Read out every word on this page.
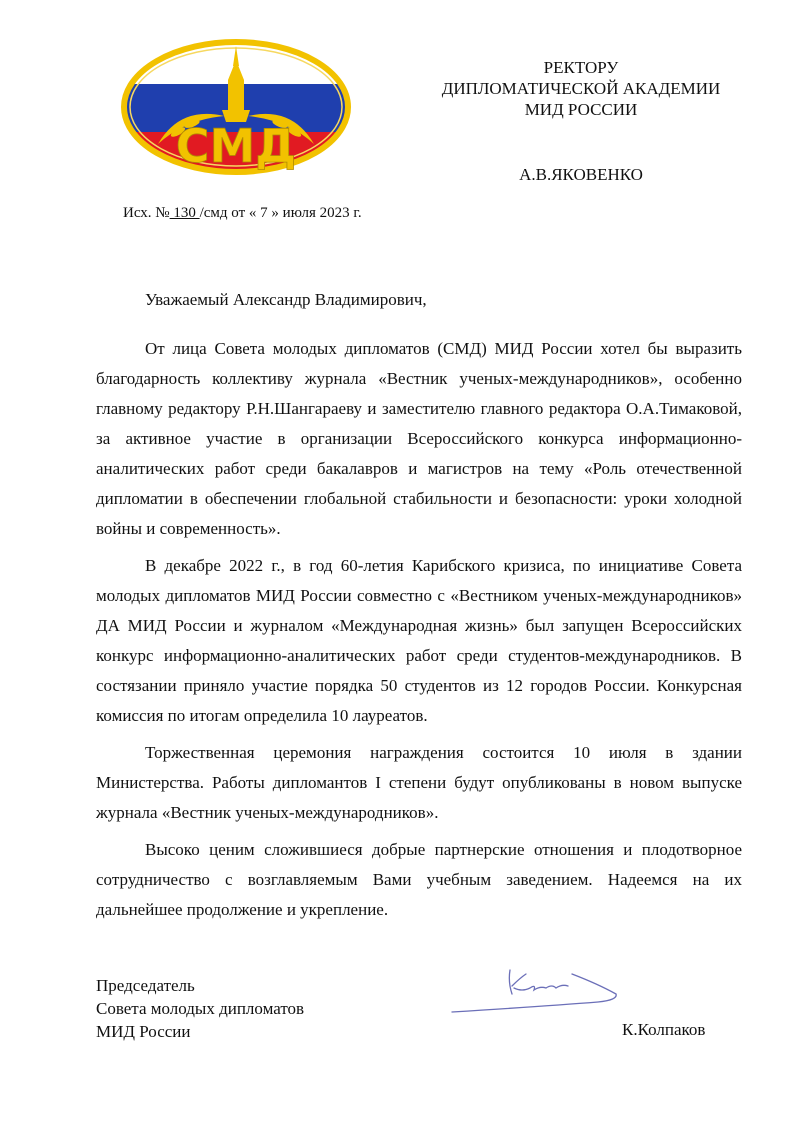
СМД
РЕКТОРУ
ДИПЛОМАТИЧЕСКОЙ АКАДЕМИИ
МИД РОССИИ
А.В.ЯКОВЕНКО
Исх. № 130 /смд от « 7 » июля 2023 г.
Уважаемый Александр Владимирович,

От лица Совета молодых дипломатов (СМД) МИД России хотел бы выразить благодарность коллективу журнала «Вестник ученых-международников», особенно главному редактору Р.Н.Шангараеву и заместителю главного редактора О.А.Тимаковой, за активное участие в организации Всероссийского конкурса информационно-аналитических работ среди бакалавров и магистров на тему «Роль отечественной дипломатии в обеспечении глобальной стабильности и безопасности: уроки холодной войны и современность».

В декабре 2022 г., в год 60-летия Карибского кризиса, по инициативе Совета молодых дипломатов МИД России совместно с «Вестником ученых-международников» ДА МИД России и журналом «Международная жизнь» был запущен Всероссийских конкурс информационно-аналитических работ среди студентов-международников. В состязании приняло участие порядка 50 студентов из 12 городов России. Конкурсная комиссия по итогам определила 10 лауреатов.

Торжественная церемония награждения состоится 10 июля в здании Министерства. Работы дипломантов I степени будут опубликованы в новом выпуске журнала «Вестник ученых-международников».

Высоко ценим сложившиеся добрые партнерские отношения и плодотворное сотрудничество с возглавляемым Вами учебным заведением. Надеемся на их дальнейшее продолжение и укрепление.

Председатель
Совета молодых дипломатов
МИД России	К.Колпаков
